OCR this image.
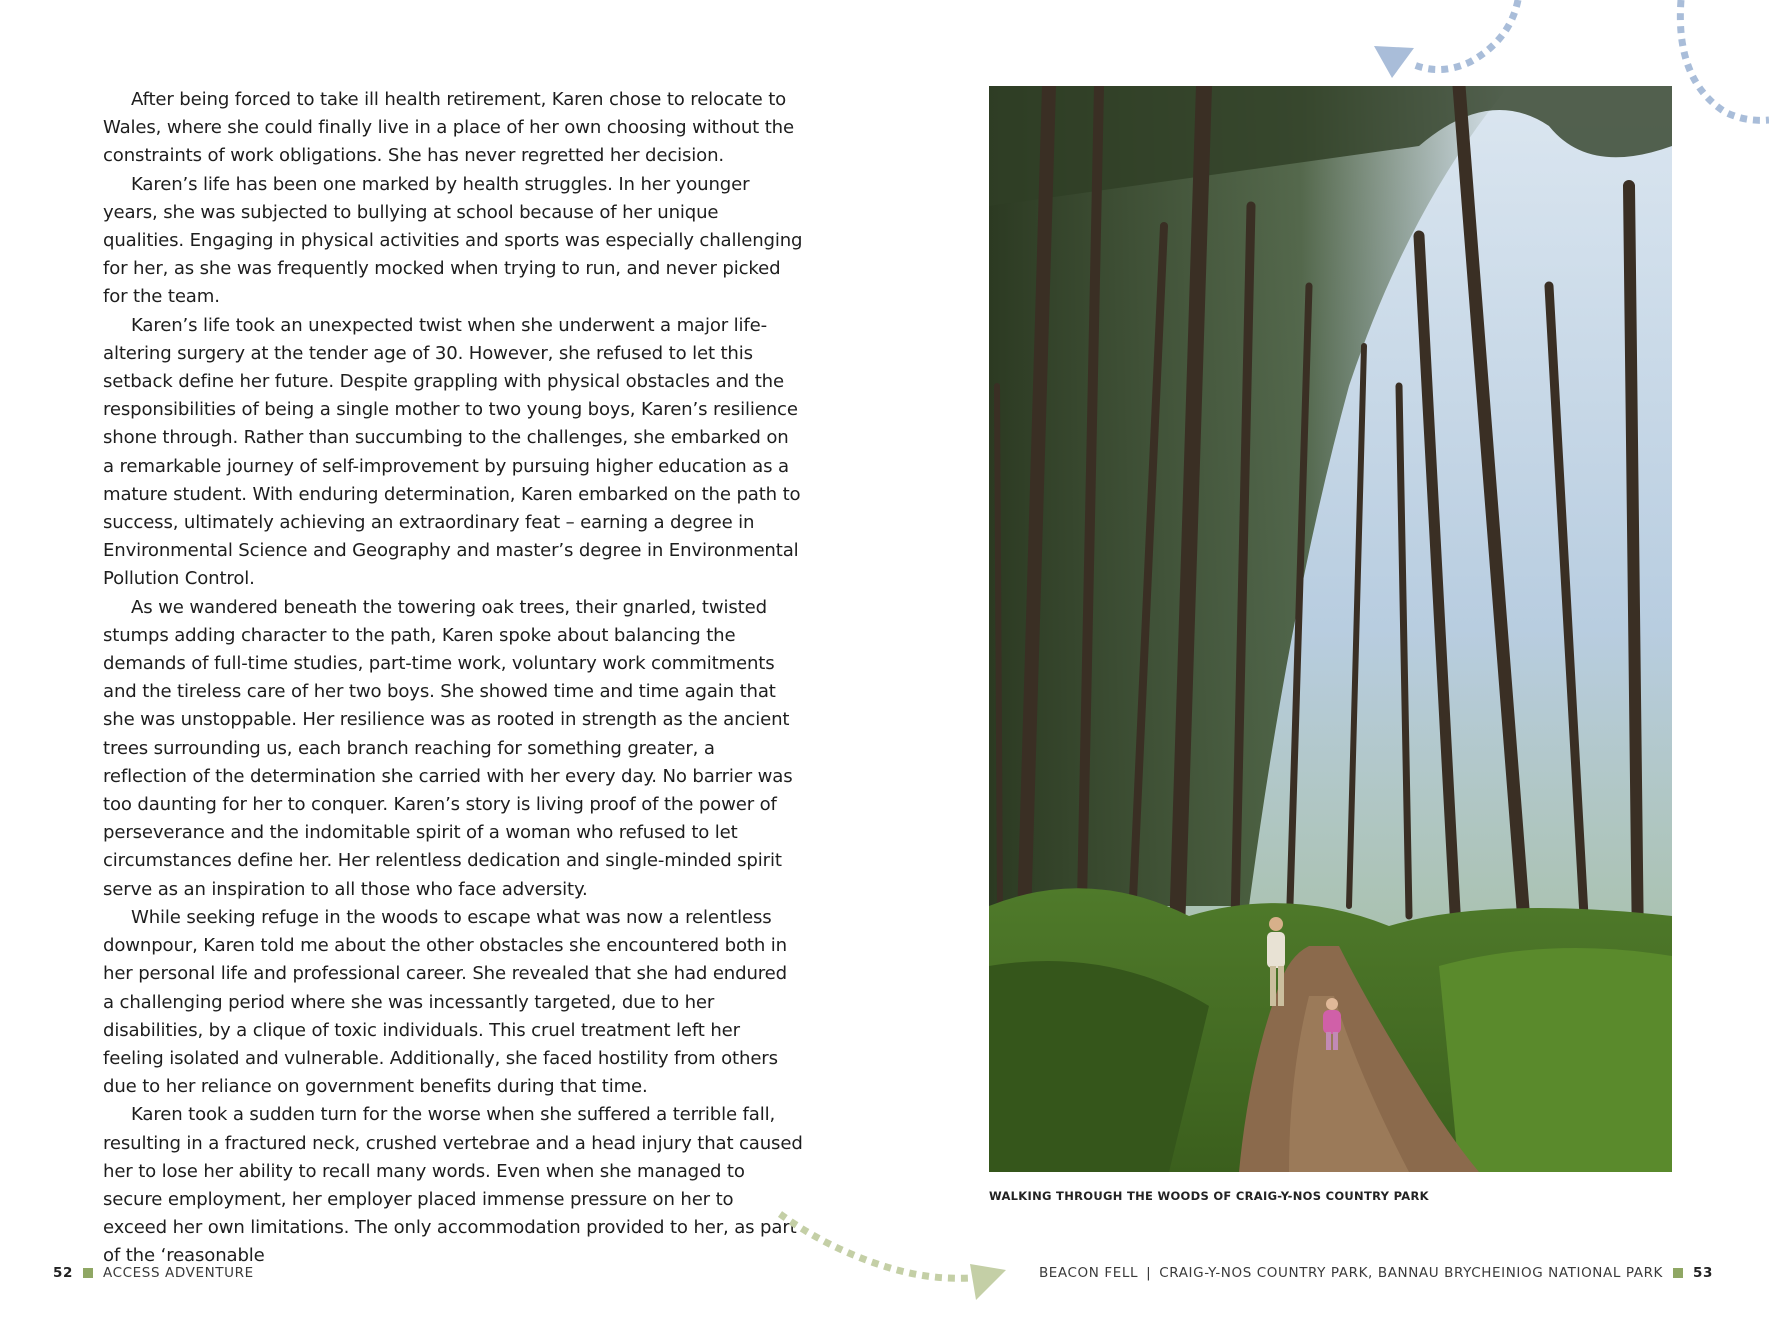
After being forced to take ill health retirement, Karen chose to relocate to Wales, where she could finally live in a place of her own choosing without the constraints of work obligations. She has never regretted her decision.

Karen’s life has been one marked by health struggles. In her younger years, she was subjected to bullying at school because of her unique qualities. Engaging in physical activities and sports was especially challenging for her, as she was frequently mocked when trying to run, and never picked for the team.

Karen’s life took an unexpected twist when she underwent a major life-altering surgery at the tender age of 30. However, she refused to let this setback define her future. Despite grappling with physical obstacles and the responsibilities of being a single mother to two young boys, Karen’s resilience shone through. Rather than succumbing to the challenges, she embarked on a remarkable journey of self-improvement by pursuing higher education as a mature student. With enduring determination, Karen embarked on the path to success, ultimately achieving an extraordinary feat – earning a degree in Environmental Science and Geography and master’s degree in Environmental Pollution Control.

As we wandered beneath the towering oak trees, their gnarled, twisted stumps adding character to the path, Karen spoke about balancing the demands of full-time studies, part-time work, voluntary work commitments and the tireless care of her two boys. She showed time and time again that she was unstoppable. Her resilience was as rooted in strength as the ancient trees surrounding us, each branch reaching for something greater, a reflection of the determination she carried with her every day. No barrier was too daunting for her to conquer. Karen’s story is living proof of the power of perseverance and the indomitable spirit of a woman who refused to let circumstances define her. Her relentless dedication and single-minded spirit serve as an inspiration to all those who face adversity.

While seeking refuge in the woods to escape what was now a relentless downpour, Karen told me about the other obstacles she encountered both in her personal life and professional career. She revealed that she had endured a challenging period where she was incessantly targeted, due to her disabilities, by a clique of toxic individuals. This cruel treatment left her feeling isolated and vulnerable. Additionally, she faced hostility from others due to her reliance on government benefits during that time.

Karen took a sudden turn for the worse when she suffered a terrible fall, resulting in a fractured neck, crushed vertebrae and a head injury that caused her to lose her ability to recall many words. Even when she managed to secure employment, her employer placed immense pressure on her to exceed her own limitations. The only accommodation provided to her, as part of the ‘reasonable

52 ACCESS ADVENTURE
WALKING THROUGH THE WOODS OF CRAIG-Y-NOS COUNTRY PARK
BEACON FELL | CRAIG-Y-NOS COUNTRY PARK, BANNAU BRYCHEINIOG NATIONAL PARK 53
